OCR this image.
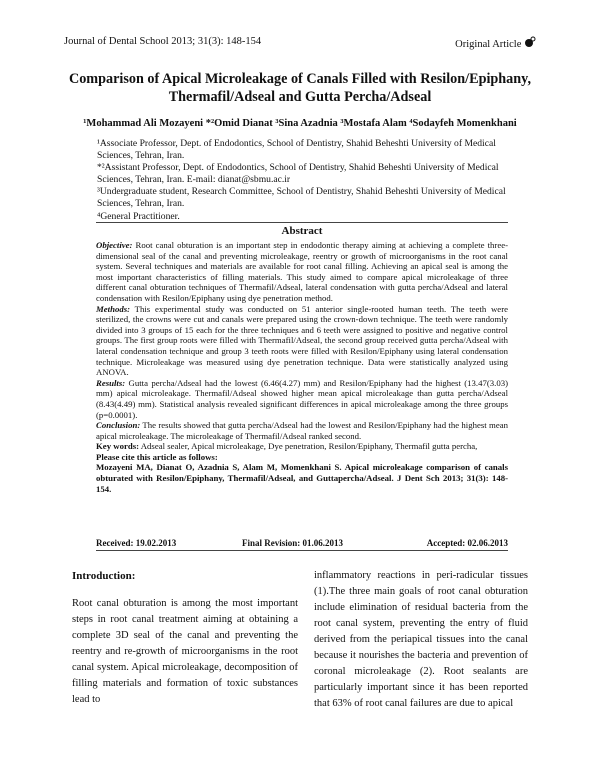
Journal of Dental School 2013; 31(3): 148-154	Original Article
Comparison of Apical Microleakage of Canals Filled with Resilon/Epiphany, Thermafil/Adseal and Gutta Percha/Adseal
¹Mohammad Ali Mozayeni *²Omid Dianat ³Sina Azadnia ³Mostafa Alam ⁴Sodayfeh Momenkhani

¹Associate Professor, Dept. of Endodontics, School of Dentistry, Shahid Beheshti University of Medical Sciences, Tehran, Iran.

*²Assistant Professor, Dept. of Endodontics, School of Dentistry, Shahid Beheshti University of Medical Sciences, Tehran, Iran. E-mail: dianat@sbmu.ac.ir

³Undergraduate student, Research Committee, School of Dentistry, Shahid Beheshti University of Medical Sciences, Tehran, Iran.

⁴General Practitioner.

Abstract

Objective: Root canal obturation is an important step in endodontic therapy aiming at achieving a complete three-dimensional seal of the canal and preventing microleakage, reentry or growth of microorganisms in the root canal system. Several techniques and materials are available for root canal filling. Achieving an apical seal is among the most important characteristics of filling materials. This study aimed to compare apical microleakage of three different canal obturation techniques of Thermafil/Adseal, lateral condensation with gutta percha/Adseal and lateral condensation with Resilon/Epiphany using dye penetration method.

Methods: This experimental study was conducted on 51 anterior single-rooted human teeth. The teeth were sterilized, the crowns were cut and canals were prepared using the crown-down technique. The teeth were randomly divided into 3 groups of 15 each for the three techniques and 6 teeth were assigned to positive and negative control groups. The first group roots were filled with Thermafil/Adseal, the second group received gutta percha/Adseal with lateral condensation technique and group 3 teeth roots were filled with Resilon/Epiphany using lateral condensation technique. Microleakage was measured using dye penetration technique. Data were statistically analyzed using ANOVA.

Results: Gutta percha/Adseal had the lowest (6.46(4.27) mm) and Resilon/Epiphany had the highest (13.47(3.03) mm) apical microleakage. Thermafil/Adseal showed higher mean apical microleakage than gutta percha/Adseal (8.43(4.49) mm). Statistical analysis revealed significant differences in apical microleakage among the three groups (p=0.0001).

Conclusion: The results showed that gutta percha/Adseal had the lowest and Resilon/Epiphany had the highest mean apical microleakage. The microleakage of Thermafil/Adseal ranked second.

Key words: Adseal sealer, Apical microleakage, Dye penetration, Resilon/Epiphany, Thermafil gutta percha,

Please cite this article as follows:

Mozayeni MA, Dianat O, Azadnia S, Alam M, Momenkhani S. Apical microleakage comparison of canals obturated with Resilon/Epiphany, Thermafil/Adseal, and Guttapercha/Adseal. J Dent Sch 2013; 31(3): 148-154.

Received: 19.02.2013	Final Revision: 01.06.2013	Accepted: 02.06.2013

Introduction:
Root canal obturation is among the most important steps in root canal treatment aiming at obtaining a complete 3D seal of the canal and preventing the reentry and re-growth of microorganisms in the root canal system. Apical microleakage, decomposition of filling materials and formation of toxic substances lead to
inflammatory reactions in peri-radicular tissues (1).The three main goals of root canal obturation include elimination of residual bacteria from the root canal system, preventing the entry of fluid derived from the periapical tissues into the canal because it nourishes the bacteria and prevention of coronal microleakage (2). Root sealants are particularly important since it has been reported that 63% of root canal failures are due to apical
